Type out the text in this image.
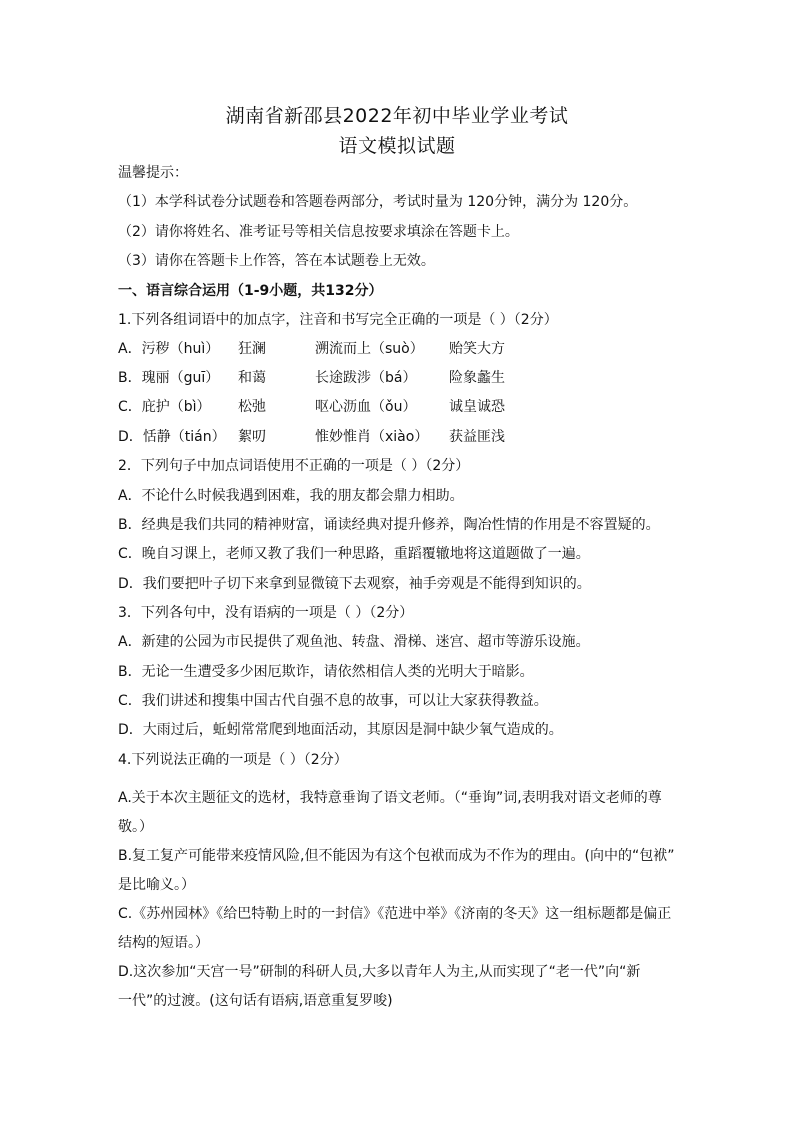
湖南省新邵县2022年初中毕业学业考试
语文模拟试题
温馨提示：
（1）本学科试卷分试题卷和答题卷两部分，考试时量为 120分钟，满分为 120分。
（2）请你将姓名、准考证号等相关信息按要求填涂在答题卡上。
（3）请你在答题卡上作答，答在本试题卷上无效。
一、语言综合运用（1-9小题，共132分）
1.下列各组词语中的加点字，注音和书写完全正确的一项是（ ）（2分）
A．污秽（huì） 狂澜	溯流而上（suò） 贻笑大方
B．瑰丽（guī） 和蔼	长途跋涉（bá） 险象蠡生
C．庇护（bì） 松弛	呕心沥血（ǒu） 诚皇诚恐
D．恬静（tián） 絮叨	惟妙惟肖（xiào） 获益匪浅
2．下列句子中加点词语使用不正确的一项是（ ）（2分）
A．不论什么时候我遇到困难，我的朋友都会鼎力相助。
B．经典是我们共同的精神财富，诵读经典对提升修养，陶冶性情的作用是不容置疑的。
C．晚自习课上，老师又教了我们一种思路，重蹈覆辙地将这道题做了一遍。
D．我们要把叶子切下来拿到显微镜下去观察，袖手旁观是不能得到知识的。
3．下列各句中，没有语病的一项是（ ）（2分）
A．新建的公园为市民提供了观鱼池、转盘、滑梯、迷宫、超市等游乐设施。
B．无论一生遭受多少困厄欺诈，请依然相信人类的光明大于暗影。
C．我们讲述和搜集中国古代自强不息的故事，可以让大家获得教益。
D．大雨过后，蚯蚓常常爬到地面活动，其原因是洞中缺少氧气造成的。
4.下列说法正确的一项是（ ）（2分）
A.关于本次主题征文的选材，我特意垂询了语文老师。（“垂询”词,表明我对语文老师的尊
敬。）
B.复工复产可能带来疫情风险,但不能因为有这个包袱而成为不作为的理由。(向中的“包袱”
是比喻义。）
C.《苏州园林》《给巴特勒上时的一封信》《范进中举》《济南的冬天》这一组标题都是偏正
结构的短语。）
D.这次参加“天宫一号”研制的科研人员,大多以青年人为主,从而实现了“老一代”向“新
一代”的过渡。(这句话有语病,语意重复罗唆)
